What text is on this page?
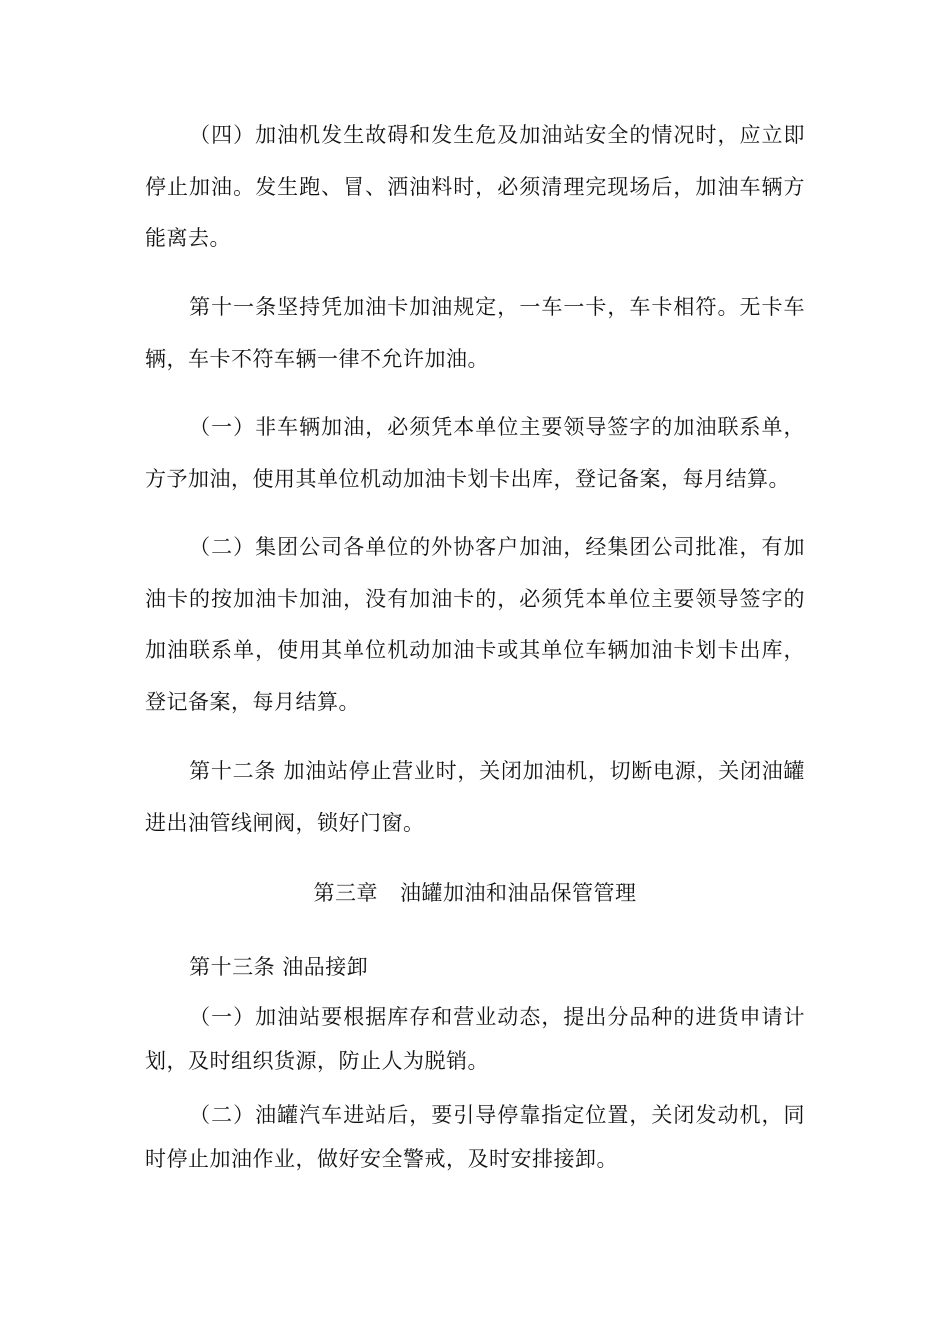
（四）加油机发生故碍和发生危及加油站安全的情况时，应立即停止加油。发生跑、冒、洒油料时，必须清理完现场后，加油车辆方能离去。

第十一条坚持凭加油卡加油规定，一车一卡，车卡相符。无卡车辆，车卡不符车辆一律不允许加油。

（一）非车辆加油，必须凭本单位主要领导签字的加油联系单，方予加油，使用其单位机动加油卡划卡出库，登记备案，每月结算。

（二）集团公司各单位的外协客户加油，经集团公司批准，有加油卡的按加油卡加油，没有加油卡的，必须凭本单位主要领导签字的加油联系单，使用其单位机动加油卡或其单位车辆加油卡划卡出库，登记备案，每月结算。

第十二条 加油站停止营业时，关闭加油机，切断电源，关闭油罐进出油管线闸阀，锁好门窗。

第三章 油罐加油和油品保管管理

第十三条 油品接卸

（一）加油站要根据库存和营业动态，提出分品种的进货申请计划，及时组织货源，防止人为脱销。

（二）油罐汽车进站后，要引导停靠指定位置，关闭发动机，同时停止加油作业，做好安全警戒，及时安排接卸。
